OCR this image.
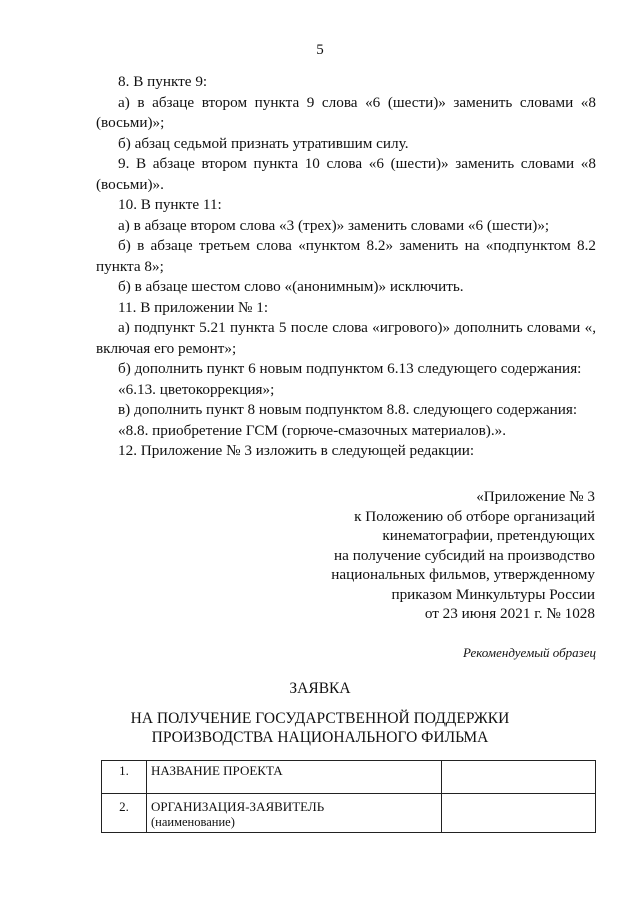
5

8. В пункте 9:

а) в абзаце втором пункта 9 слова «6 (шести)» заменить словами «8 (восьми)»;

б) абзац седьмой признать утратившим силу.

9. В абзаце втором пункта 10 слова «6 (шести)» заменить словами «8 (восьми)».

10. В пункте 11:

а) в абзаце втором слова «3 (трех)» заменить словами «6 (шести)»;

б) в абзаце третьем слова «пунктом 8.2» заменить на «подпунктом 8.2 пункта 8»;

б) в абзаце шестом слово «(анонимным)» исключить.

11. В приложении № 1:

а) подпункт 5.21 пункта 5 после слова «игрового)» дополнить словами «, включая его ремонт»;

б) дополнить пункт 6 новым подпунктом 6.13 следующего содержания:

«6.13. цветокоррекция»;

в) дополнить пункт 8 новым подпунктом 8.8. следующего содержания:

«8.8. приобретение ГСМ (горюче-смазочных материалов).».

12. Приложение № 3 изложить в следующей редакции:

«Приложение № 3
к Положению об отборе организаций
кинематографии, претендующих
на получение субсидий на производство
национальных фильмов, утвержденному
приказом Минкультуры России
от 23 июня 2021 г. № 1028
Рекомендуемый образец
ЗАЯВКА
НА ПОЛУЧЕНИЕ ГОСУДАРСТВЕННОЙ ПОДДЕРЖКИ
ПРОИЗВОДСТВА НАЦИОНАЛЬНОГО ФИЛЬМА
1.	НАЗВАНИЕ ПРОЕКТА	
2.	ОРГАНИЗАЦИЯ-ЗАЯВИТЕЛЬ
(наименование)	
